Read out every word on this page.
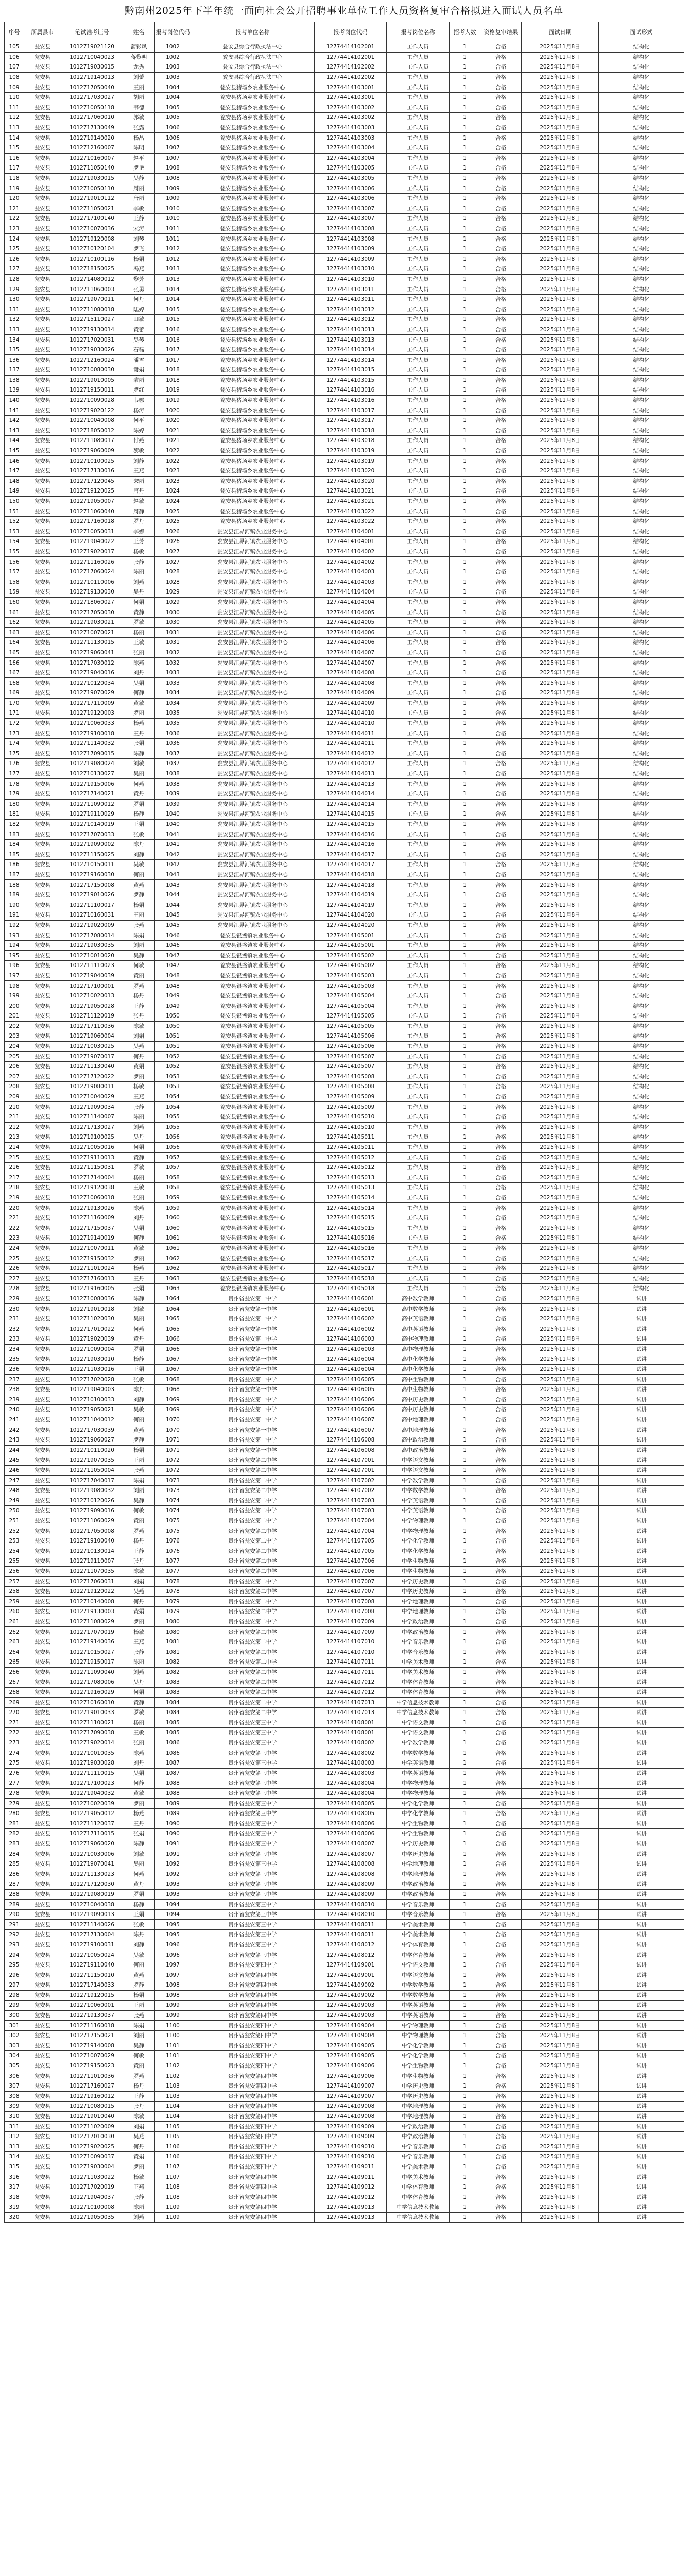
黔南州2025年下半年统一面向社会公开招聘事业单位工作人员资格复审合格拟进入面试人员名单
序号	所属县市	笔试准考证号	姓名	报考岗位代码	报考单位名称	报考岗位代码	报考岗位名称	招考人数	资格复审结果	面试日期	面试形式
105	瓮安县	1012719021120	蒲彩凤	1002	瓮安县综合行政执法中心	12774414102001	工作人员	1	合格	2025年11月8日	结构化
106	瓮安县	1012710040023	蒋黎明	1002	瓮安县综合行政执法中心	12774414102001	工作人员	1	合格	2025年11月8日	结构化
107	瓮安县	1012719030015	龙秀	1003	瓮安县综合行政执法中心	12774414102002	工作人员	1	合格	2025年11月8日	结构化
108	瓮安县	1012719140013	刘蕾	1003	瓮安县综合行政执法中心	12774414102002	工作人员	1	合格	2025年11月8日	结构化
109	瓮安县	1012717050040	王丽	1004	瓮安县猪场乡农业服务中心	12774414103001	工作人员	1	合格	2025年11月8日	结构化
110	瓮安县	1012717030027	胡丽	1004	瓮安县猪场乡农业服务中心	12774414103001	工作人员	1	合格	2025年11月8日	结构化
111	瓮安县	1012710050118	韦德	1005	瓮安县猪场乡农业服务中心	12774414103002	工作人员	1	合格	2025年11月8日	结构化
112	瓮安县	1012717060010	郭敏	1005	瓮安县猪场乡农业服务中心	12774414103002	工作人员	1	合格	2025年11月8日	结构化
113	瓮安县	1012717130049	张露	1006	瓮安县猪场乡农业服务中心	12774414103003	工作人员	1	合格	2025年11月8日	结构化
114	瓮安县	1012719140020	杨晶	1006	瓮安县猪场乡农业服务中心	12774414103003	工作人员	1	合格	2025年11月8日	结构化
115	瓮安县	1012712160007	陈明	1007	瓮安县猪场乡农业服务中心	12774414103004	工作人员	1	合格	2025年11月8日	结构化
116	瓮安县	1012710160007	赵平	1007	瓮安县猪场乡农业服务中心	12774414103004	工作人员	1	合格	2025年11月8日	结构化
117	瓮安县	1012711050140	罗艳	1008	瓮安县猪场乡农业服务中心	12774414103005	工作人员	1	合格	2025年11月8日	结构化
118	瓮安县	1012719030015	吴静	1008	瓮安县猪场乡农业服务中心	12774414103005	工作人员	1	合格	2025年11月8日	结构化
119	瓮安县	1012710050110	周丽	1009	瓮安县猪场乡农业服务中心	12774414103006	工作人员	1	合格	2025年11月8日	结构化
120	瓮安县	1012719010112	唐丽	1009	瓮安县猪场乡农业服务中心	12774414103006	工作人员	1	合格	2025年11月8日	结构化
121	瓮安县	1012711050021	李敏	1010	瓮安县猪场乡农业服务中心	12774414103007	工作人员	1	合格	2025年11月8日	结构化
122	瓮安县	1012717100140	王静	1010	瓮安县猪场乡农业服务中心	12774414103007	工作人员	1	合格	2025年11月8日	结构化
123	瓮安县	1012710070036	宋涛	1011	瓮安县猪场乡农业服务中心	12774414103008	工作人员	1	合格	2025年11月8日	结构化
124	瓮安县	1012719120008	刘琴	1011	瓮安县猪场乡农业服务中心	12774414103008	工作人员	1	合格	2025年11月8日	结构化
125	瓮安县	1012710120104	罗飞	1012	瓮安县猪场乡农业服务中心	12774414103009	工作人员	1	合格	2025年11月8日	结构化
126	瓮安县	1012710100116	杨娟	1012	瓮安县猪场乡农业服务中心	12774414103009	工作人员	1	合格	2025年11月8日	结构化
127	瓮安县	1012718150025	冯燕	1013	瓮安县猪场乡农业服务中心	12774414103010	工作人员	1	合格	2025年11月8日	结构化
128	瓮安县	1012714080012	黎芳	1013	瓮安县猪场乡农业服务中心	12774414103010	工作人员	1	合格	2025年11月8日	结构化
129	瓮安县	1012711060003	张勇	1014	瓮安县猪场乡农业服务中心	12774414103011	工作人员	1	合格	2025年11月8日	结构化
130	瓮安县	1012719070011	何丹	1014	瓮安县猪场乡农业服务中心	12774414103011	工作人员	1	合格	2025年11月8日	结构化
131	瓮安县	1012711080018	陆婷	1015	瓮安县猪场乡农业服务中心	12774414103012	工作人员	1	合格	2025年11月8日	结构化
132	瓮安县	1012715110027	田敏	1015	瓮安县猪场乡农业服务中心	12774414103012	工作人员	1	合格	2025年11月8日	结构化
133	瓮安县	1012719130014	黄蕾	1016	瓮安县猪场乡农业服务中心	12774414103013	工作人员	1	合格	2025年11月8日	结构化
134	瓮安县	1012717020031	吴琴	1016	瓮安县猪场乡农业服务中心	12774414103013	工作人员	1	合格	2025年11月8日	结构化
135	瓮安县	1012719030026	石磊	1017	瓮安县猪场乡农业服务中心	12774414103014	工作人员	1	合格	2025年11月8日	结构化
136	瓮安县	1012712160024	潘雪	1017	瓮安县猪场乡农业服务中心	12774414103014	工作人员	1	合格	2025年11月8日	结构化
137	瓮安县	1012710080030	谢娟	1018	瓮安县猪场乡农业服务中心	12774414103015	工作人员	1	合格	2025年11月8日	结构化
138	瓮安县	1012719010005	蒙丽	1018	瓮安县猪场乡农业服务中心	12774414103015	工作人员	1	合格	2025年11月8日	结构化
139	瓮安县	1012719150011	罗红	1019	瓮安县猪场乡农业服务中心	12774414103016	工作人员	1	合格	2025年11月8日	结构化
140	瓮安县	1012710090028	韦娜	1019	瓮安县猪场乡农业服务中心	12774414103016	工作人员	1	合格	2025年11月8日	结构化
141	瓮安县	1012719020122	杨涛	1020	瓮安县猪场乡农业服务中心	12774414103017	工作人员	1	合格	2025年11月8日	结构化
142	瓮安县	1012710040008	何平	1020	瓮安县猪场乡农业服务中心	12774414103017	工作人员	1	合格	2025年11月8日	结构化
143	瓮安县	1012718050012	陈婷	1021	瓮安县猪场乡农业服务中心	12774414103018	工作人员	1	合格	2025年11月8日	结构化
144	瓮安县	1012711080017	付燕	1021	瓮安县猪场乡农业服务中心	12774414103018	工作人员	1	合格	2025年11月8日	结构化
145	瓮安县	1012719060009	黎敏	1022	瓮安县猪场乡农业服务中心	12774414103019	工作人员	1	合格	2025年11月8日	结构化
146	瓮安县	1012710100025	刘静	1022	瓮安县猪场乡农业服务中心	12774414103019	工作人员	1	合格	2025年11月8日	结构化
147	瓮安县	1012717130016	王燕	1023	瓮安县猪场乡农业服务中心	12774414103020	工作人员	1	合格	2025年11月8日	结构化
148	瓮安县	1012717120045	宋丽	1023	瓮安县猪场乡农业服务中心	12774414103020	工作人员	1	合格	2025年11月8日	结构化
149	瓮安县	1012719120025	唐丹	1024	瓮安县猪场乡农业服务中心	12774414103021	工作人员	1	合格	2025年11月8日	结构化
150	瓮安县	1012719050007	赵敏	1024	瓮安县猪场乡农业服务中心	12774414103021	工作人员	1	合格	2025年11月8日	结构化
151	瓮安县	1012711060040	周静	1025	瓮安县猪场乡农业服务中心	12774414103022	工作人员	1	合格	2025年11月8日	结构化
152	瓮安县	1012717160018	罗丹	1025	瓮安县猪场乡农业服务中心	12774414103022	工作人员	1	合格	2025年11月8日	结构化
153	瓮安县	1012710050031	李娜	1026	瓮安县江界河镇农业服务中心	12774414104001	工作人员	1	合格	2025年11月8日	结构化
154	瓮安县	1012719040022	王芳	1026	瓮安县江界河镇农业服务中心	12774414104001	工作人员	1	合格	2025年11月8日	结构化
155	瓮安县	1012719020017	杨敏	1027	瓮安县江界河镇农业服务中心	12774414104002	工作人员	1	合格	2025年11月8日	结构化
156	瓮安县	1012711160026	张静	1027	瓮安县江界河镇农业服务中心	12774414104002	工作人员	1	合格	2025年11月8日	结构化
157	瓮安县	1012717060024	陈丽	1028	瓮安县江界河镇农业服务中心	12774414104003	工作人员	1	合格	2025年11月8日	结构化
158	瓮安县	1012710110006	刘燕	1028	瓮安县江界河镇农业服务中心	12774414104003	工作人员	1	合格	2025年11月8日	结构化
159	瓮安县	1012719130030	吴丹	1029	瓮安县江界河镇农业服务中心	12774414104004	工作人员	1	合格	2025年11月8日	结构化
160	瓮安县	1012718060027	何娟	1029	瓮安县江界河镇农业服务中心	12774414104004	工作人员	1	合格	2025年11月8日	结构化
161	瓮安县	1012717050030	黄静	1030	瓮安县江界河镇农业服务中心	12774414104005	工作人员	1	合格	2025年11月8日	结构化
162	瓮安县	1012719030021	罗敏	1030	瓮安县江界河镇农业服务中心	12774414104005	工作人员	1	合格	2025年11月8日	结构化
163	瓮安县	1012710070021	杨丽	1031	瓮安县江界河镇农业服务中心	12774414104006	工作人员	1	合格	2025年11月8日	结构化
164	瓮安县	1012711130015	王敏	1031	瓮安县江界河镇农业服务中心	12774414104006	工作人员	1	合格	2025年11月8日	结构化
165	瓮安县	1012719060041	张丽	1032	瓮安县江界河镇农业服务中心	12774414104007	工作人员	1	合格	2025年11月8日	结构化
166	瓮安县	1012717030012	陈燕	1032	瓮安县江界河镇农业服务中心	12774414104007	工作人员	1	合格	2025年11月8日	结构化
167	瓮安县	1012719040016	刘丹	1033	瓮安县江界河镇农业服务中心	12774414104008	工作人员	1	合格	2025年11月8日	结构化
168	瓮安县	1012710120034	吴娟	1033	瓮安县江界河镇农业服务中心	12774414104008	工作人员	1	合格	2025年11月8日	结构化
169	瓮安县	1012719070029	何静	1034	瓮安县江界河镇农业服务中心	12774414104009	工作人员	1	合格	2025年11月8日	结构化
170	瓮安县	1012717110009	黄敏	1034	瓮安县江界河镇农业服务中心	12774414104009	工作人员	1	合格	2025年11月8日	结构化
171	瓮安县	1012719120003	罗丽	1035	瓮安县江界河镇农业服务中心	12774414104010	工作人员	1	合格	2025年11月8日	结构化
172	瓮安县	1012710060033	杨燕	1035	瓮安县江界河镇农业服务中心	12774414104010	工作人员	1	合格	2025年11月8日	结构化
173	瓮安县	1012719100018	王丹	1036	瓮安县江界河镇农业服务中心	12774414104011	工作人员	1	合格	2025年11月8日	结构化
174	瓮安县	1012711140032	张娟	1036	瓮安县江界河镇农业服务中心	12774414104011	工作人员	1	合格	2025年11月8日	结构化
175	瓮安县	1012717090015	陈静	1037	瓮安县江界河镇农业服务中心	12774414104012	工作人员	1	合格	2025年11月8日	结构化
176	瓮安县	1012719080024	刘敏	1037	瓮安县江界河镇农业服务中心	12774414104012	工作人员	1	合格	2025年11月8日	结构化
177	瓮安县	1012710130027	吴丽	1038	瓮安县江界河镇农业服务中心	12774414104013	工作人员	1	合格	2025年11月8日	结构化
178	瓮安县	1012719150006	何燕	1038	瓮安县江界河镇农业服务中心	12774414104013	工作人员	1	合格	2025年11月8日	结构化
179	瓮安县	1012717140021	黄丹	1039	瓮安县江界河镇农业服务中心	12774414104014	工作人员	1	合格	2025年11月8日	结构化
180	瓮安县	1012711090012	罗娟	1039	瓮安县江界河镇农业服务中心	12774414104014	工作人员	1	合格	2025年11月8日	结构化
181	瓮安县	1012719110029	杨静	1040	瓮安县江界河镇农业服务中心	12774414104015	工作人员	1	合格	2025年11月8日	结构化
182	瓮安县	1012710140019	王娟	1040	瓮安县江界河镇农业服务中心	12774414104015	工作人员	1	合格	2025年11月8日	结构化
183	瓮安县	1012717070033	张敏	1041	瓮安县江界河镇农业服务中心	12774414104016	工作人员	1	合格	2025年11月8日	结构化
184	瓮安县	1012719090002	陈丹	1041	瓮安县江界河镇农业服务中心	12774414104016	工作人员	1	合格	2025年11月8日	结构化
185	瓮安县	1012711150025	刘静	1042	瓮安县江界河镇农业服务中心	12774414104017	工作人员	1	合格	2025年11月8日	结构化
186	瓮安县	1012710150011	吴敏	1042	瓮安县江界河镇农业服务中心	12774414104017	工作人员	1	合格	2025年11月8日	结构化
187	瓮安县	1012719160030	何丽	1043	瓮安县江界河镇农业服务中心	12774414104018	工作人员	1	合格	2025年11月8日	结构化
188	瓮安县	1012717150008	黄燕	1043	瓮安县江界河镇农业服务中心	12774414104018	工作人员	1	合格	2025年11月8日	结构化
189	瓮安县	1012719010026	罗静	1044	瓮安县江界河镇农业服务中心	12774414104019	工作人员	1	合格	2025年11月8日	结构化
190	瓮安县	1012711100017	杨娟	1044	瓮安县江界河镇农业服务中心	12774414104019	工作人员	1	合格	2025年11月8日	结构化
191	瓮安县	1012710160031	王丽	1045	瓮安县江界河镇农业服务中心	12774414104020	工作人员	1	合格	2025年11月8日	结构化
192	瓮安县	1012719020009	张燕	1045	瓮安县江界河镇农业服务中心	12774414104020	工作人员	1	合格	2025年11月8日	结构化
193	瓮安县	1012717080014	陈娟	1046	瓮安县银盏镇农业服务中心	12774414105001	工作人员	1	合格	2025年11月8日	结构化
194	瓮安县	1012719030035	刘丽	1046	瓮安县银盏镇农业服务中心	12774414105001	工作人员	1	合格	2025年11月8日	结构化
195	瓮安县	1012710010020	吴静	1047	瓮安县银盏镇农业服务中心	12774414105002	工作人员	1	合格	2025年11月8日	结构化
196	瓮安县	1012711110023	何敏	1047	瓮安县银盏镇农业服务中心	12774414105002	工作人员	1	合格	2025年11月8日	结构化
197	瓮安县	1012719040039	黄丽	1048	瓮安县银盏镇农业服务中心	12774414105003	工作人员	1	合格	2025年11月8日	结构化
198	瓮安县	1012717100001	罗燕	1048	瓮安县银盏镇农业服务中心	12774414105003	工作人员	1	合格	2025年11月8日	结构化
199	瓮安县	1012710020013	杨丹	1049	瓮安县银盏镇农业服务中心	12774414105004	工作人员	1	合格	2025年11月8日	结构化
200	瓮安县	1012719050028	王静	1049	瓮安县银盏镇农业服务中心	12774414105004	工作人员	1	合格	2025年11月8日	结构化
201	瓮安县	1012711120019	张丹	1050	瓮安县银盏镇农业服务中心	12774414105005	工作人员	1	合格	2025年11月8日	结构化
202	瓮安县	1012717110036	陈敏	1050	瓮安县银盏镇农业服务中心	12774414105005	工作人员	1	合格	2025年11月8日	结构化
203	瓮安县	1012719060004	刘娟	1051	瓮安县银盏镇农业服务中心	12774414105006	工作人员	1	合格	2025年11月8日	结构化
204	瓮安县	1012710030025	吴燕	1051	瓮安县银盏镇农业服务中心	12774414105006	工作人员	1	合格	2025年11月8日	结构化
205	瓮安县	1012719070017	何丹	1052	瓮安县银盏镇农业服务中心	12774414105007	工作人员	1	合格	2025年11月8日	结构化
206	瓮安县	1012711130040	黄娟	1052	瓮安县银盏镇农业服务中心	12774414105007	工作人员	1	合格	2025年11月8日	结构化
207	瓮安县	1012717120022	罗丽	1053	瓮安县银盏镇农业服务中心	12774414105008	工作人员	1	合格	2025年11月8日	结构化
208	瓮安县	1012719080011	杨敏	1053	瓮安县银盏镇农业服务中心	12774414105008	工作人员	1	合格	2025年11月8日	结构化
209	瓮安县	1012710040029	王燕	1054	瓮安县银盏镇农业服务中心	12774414105009	工作人员	1	合格	2025年11月8日	结构化
210	瓮安县	1012719090034	张静	1054	瓮安县银盏镇农业服务中心	12774414105009	工作人员	1	合格	2025年11月8日	结构化
211	瓮安县	1012711140007	陈丽	1055	瓮安县银盏镇农业服务中心	12774414105010	工作人员	1	合格	2025年11月8日	结构化
212	瓮安县	1012717130027	刘燕	1055	瓮安县银盏镇农业服务中心	12774414105010	工作人员	1	合格	2025年11月8日	结构化
213	瓮安县	1012719100025	吴丹	1056	瓮安县银盏镇农业服务中心	12774414105011	工作人员	1	合格	2025年11月8日	结构化
214	瓮安县	1012710050016	何娟	1056	瓮安县银盏镇农业服务中心	12774414105011	工作人员	1	合格	2025年11月8日	结构化
215	瓮安县	1012719110013	黄静	1057	瓮安县银盏镇农业服务中心	12774414105012	工作人员	1	合格	2025年11月8日	结构化
216	瓮安县	1012711150031	罗敏	1057	瓮安县银盏镇农业服务中心	12774414105012	工作人员	1	合格	2025年11月8日	结构化
217	瓮安县	1012717140004	杨丽	1058	瓮安县银盏镇农业服务中心	12774414105013	工作人员	1	合格	2025年11月8日	结构化
218	瓮安县	1012719120038	王敏	1058	瓮安县银盏镇农业服务中心	12774414105013	工作人员	1	合格	2025年11月8日	结构化
219	瓮安县	1012710060018	张丽	1059	瓮安县银盏镇农业服务中心	12774414105014	工作人员	1	合格	2025年11月8日	结构化
220	瓮安县	1012719130026	陈燕	1059	瓮安县银盏镇农业服务中心	12774414105014	工作人员	1	合格	2025年11月8日	结构化
221	瓮安县	1012711160009	刘丹	1060	瓮安县银盏镇农业服务中心	12774414105015	工作人员	1	合格	2025年11月8日	结构化
222	瓮安县	1012717150037	吴娟	1060	瓮安县银盏镇农业服务中心	12774414105015	工作人员	1	合格	2025年11月8日	结构化
223	瓮安县	1012719140019	何静	1061	瓮安县银盏镇农业服务中心	12774414105016	工作人员	1	合格	2025年11月8日	结构化
224	瓮安县	1012710070011	黄敏	1061	瓮安县银盏镇农业服务中心	12774414105016	工作人员	1	合格	2025年11月8日	结构化
225	瓮安县	1012719150032	罗丽	1062	瓮安县银盏镇农业服务中心	12774414105017	工作人员	1	合格	2025年11月8日	结构化
226	瓮安县	1012711010024	杨燕	1062	瓮安县银盏镇农业服务中心	12774414105017	工作人员	1	合格	2025年11月8日	结构化
227	瓮安县	1012717160013	王丹	1063	瓮安县银盏镇农业服务中心	12774414105018	工作人员	1	合格	2025年11月8日	结构化
228	瓮安县	1012719160005	张娟	1063	瓮安县银盏镇农业服务中心	12774414105018	工作人员	1	合格	2025年11月8日	结构化
229	瓮安县	1012710080036	陈静	1064	贵州省瓮安第一中学	12774414106001	高中数学教师	1	合格	2025年11月8日	试讲
230	瓮安县	1012719010018	刘敏	1064	贵州省瓮安第一中学	12774414106001	高中数学教师	1	合格	2025年11月8日	试讲
231	瓮安县	1012711020030	吴丽	1065	贵州省瓮安第一中学	12774414106002	高中英语教师	1	合格	2025年11月8日	试讲
232	瓮安县	1012717010022	何燕	1065	贵州省瓮安第一中学	12774414106002	高中英语教师	1	合格	2025年11月8日	试讲
233	瓮安县	1012719020039	黄丹	1066	贵州省瓮安第一中学	12774414106003	高中物理教师	1	合格	2025年11月8日	试讲
234	瓮安县	1012710090004	罗娟	1066	贵州省瓮安第一中学	12774414106003	高中物理教师	1	合格	2025年11月8日	试讲
235	瓮安县	1012719030010	杨静	1067	贵州省瓮安第一中学	12774414106004	高中化学教师	1	合格	2025年11月8日	试讲
236	瓮安县	1012711030016	王娟	1067	贵州省瓮安第一中学	12774414106004	高中化学教师	1	合格	2025年11月8日	试讲
237	瓮安县	1012717020028	张敏	1068	贵州省瓮安第一中学	12774414106005	高中生物教师	1	合格	2025年11月8日	试讲
238	瓮安县	1012719040003	陈丹	1068	贵州省瓮安第一中学	12774414106005	高中生物教师	1	合格	2025年11月8日	试讲
239	瓮安县	1012710100033	刘静	1069	贵州省瓮安第一中学	12774414106006	高中历史教师	1	合格	2025年11月8日	试讲
240	瓮安县	1012719050021	吴敏	1069	贵州省瓮安第一中学	12774414106006	高中历史教师	1	合格	2025年11月8日	试讲
241	瓮安县	1012711040012	何丽	1070	贵州省瓮安第一中学	12774414106007	高中地理教师	1	合格	2025年11月8日	试讲
242	瓮安县	1012717030039	黄燕	1070	贵州省瓮安第一中学	12774414106007	高中地理教师	1	合格	2025年11月8日	试讲
243	瓮安县	1012719060027	罗静	1071	贵州省瓮安第一中学	12774414106008	高中政治教师	1	合格	2025年11月8日	试讲
244	瓮安县	1012710110020	杨娟	1071	贵州省瓮安第一中学	12774414106008	高中政治教师	1	合格	2025年11月8日	试讲
245	瓮安县	1012719070035	王丽	1072	贵州省瓮安第二中学	12774414107001	中学语文教师	1	合格	2025年11月8日	试讲
246	瓮安县	1012711050004	张燕	1072	贵州省瓮安第二中学	12774414107001	中学语文教师	1	合格	2025年11月8日	试讲
247	瓮安县	1012717040017	陈娟	1073	贵州省瓮安第二中学	12774414107002	中学数学教师	1	合格	2025年11月8日	试讲
248	瓮安县	1012719080032	刘丽	1073	贵州省瓮安第二中学	12774414107002	中学数学教师	1	合格	2025年11月8日	试讲
249	瓮安县	1012710120026	吴静	1074	贵州省瓮安第二中学	12774414107003	中学英语教师	1	合格	2025年11月8日	试讲
250	瓮安县	1012719090016	何敏	1074	贵州省瓮安第二中学	12774414107003	中学英语教师	1	合格	2025年11月8日	试讲
251	瓮安县	1012711060029	黄丽	1075	贵州省瓮安第二中学	12774414107004	中学物理教师	1	合格	2025年11月8日	试讲
252	瓮安县	1012717050008	罗燕	1075	贵州省瓮安第二中学	12774414107004	中学物理教师	1	合格	2025年11月8日	试讲
253	瓮安县	1012719100040	杨丹	1076	贵州省瓮安第二中学	12774414107005	中学化学教师	1	合格	2025年11月8日	试讲
254	瓮安县	1012710130014	王静	1076	贵州省瓮安第二中学	12774414107005	中学化学教师	1	合格	2025年11月8日	试讲
255	瓮安县	1012719110007	张丹	1077	贵州省瓮安第二中学	12774414107006	中学生物教师	1	合格	2025年11月8日	试讲
256	瓮安县	1012711070035	陈敏	1077	贵州省瓮安第二中学	12774414107006	中学生物教师	1	合格	2025年11月8日	试讲
257	瓮安县	1012717060031	刘娟	1078	贵州省瓮安第二中学	12774414107007	中学历史教师	1	合格	2025年11月8日	试讲
258	瓮安县	1012719120022	吴燕	1078	贵州省瓮安第二中学	12774414107007	中学历史教师	1	合格	2025年11月8日	试讲
259	瓮安县	1012710140008	何丹	1079	贵州省瓮安第二中学	12774414107008	中学地理教师	1	合格	2025年11月8日	试讲
260	瓮安县	1012719130003	黄娟	1079	贵州省瓮安第二中学	12774414107008	中学地理教师	1	合格	2025年11月8日	试讲
261	瓮安县	1012711080029	罗丽	1080	贵州省瓮安第二中学	12774414107009	中学政治教师	1	合格	2025年11月8日	试讲
262	瓮安县	1012717070019	杨敏	1080	贵州省瓮安第二中学	12774414107009	中学政治教师	1	合格	2025年11月8日	试讲
263	瓮安县	1012719140036	王燕	1081	贵州省瓮安第二中学	12774414107010	中学音乐教师	1	合格	2025年11月8日	试讲
264	瓮安县	1012710150027	张静	1081	贵州省瓮安第二中学	12774414107010	中学音乐教师	1	合格	2025年11月8日	试讲
265	瓮安县	1012719150017	陈丽	1082	贵州省瓮安第二中学	12774414107011	中学美术教师	1	合格	2025年11月8日	试讲
266	瓮安县	1012711090040	刘燕	1082	贵州省瓮安第二中学	12774414107011	中学美术教师	1	合格	2025年11月8日	试讲
267	瓮安县	1012717080006	吴丹	1083	贵州省瓮安第二中学	12774414107012	中学体育教师	1	合格	2025年11月8日	试讲
268	瓮安县	1012719160029	何娟	1083	贵州省瓮安第二中学	12774414107012	中学体育教师	1	合格	2025年11月8日	试讲
269	瓮安县	1012710160010	黄静	1084	贵州省瓮安第二中学	12774414107013	中学信息技术教师	1	合格	2025年11月8日	试讲
270	瓮安县	1012719010033	罗敏	1084	贵州省瓮安第二中学	12774414107013	中学信息技术教师	1	合格	2025年11月8日	试讲
271	瓮安县	1012711100021	杨丽	1085	贵州省瓮安第三中学	12774414108001	中学语文教师	1	合格	2025年11月8日	试讲
272	瓮安县	1012717090038	王敏	1085	贵州省瓮安第三中学	12774414108001	中学语文教师	1	合格	2025年11月8日	试讲
273	瓮安县	1012719020014	张丽	1086	贵州省瓮安第三中学	12774414108002	中学数学教师	1	合格	2025年11月8日	试讲
274	瓮安县	1012710010035	陈燕	1086	贵州省瓮安第三中学	12774414108002	中学数学教师	1	合格	2025年11月8日	试讲
275	瓮安县	1012719030028	刘丹	1087	贵州省瓮安第三中学	12774414108003	中学英语教师	1	合格	2025年11月8日	试讲
276	瓮安县	1012711110015	吴娟	1087	贵州省瓮安第三中学	12774414108003	中学英语教师	1	合格	2025年11月8日	试讲
277	瓮安县	1012717100023	何静	1088	贵州省瓮安第三中学	12774414108004	中学物理教师	1	合格	2025年11月8日	试讲
278	瓮安县	1012719040032	黄敏	1088	贵州省瓮安第三中学	12774414108004	中学物理教师	1	合格	2025年11月8日	试讲
279	瓮安县	1012710020039	罗丽	1089	贵州省瓮安第三中学	12774414108005	中学化学教师	1	合格	2025年11月8日	试讲
280	瓮安县	1012719050012	杨燕	1089	贵州省瓮安第三中学	12774414108005	中学化学教师	1	合格	2025年11月8日	试讲
281	瓮安县	1012711120037	王丹	1090	贵州省瓮安第三中学	12774414108006	中学生物教师	1	合格	2025年11月8日	试讲
282	瓮安县	1012717110015	张娟	1090	贵州省瓮安第三中学	12774414108006	中学生物教师	1	合格	2025年11月8日	试讲
283	瓮安县	1012719060020	陈静	1091	贵州省瓮安第三中学	12774414108007	中学历史教师	1	合格	2025年11月8日	试讲
284	瓮安县	1012710030006	刘敏	1091	贵州省瓮安第三中学	12774414108007	中学历史教师	1	合格	2025年11月8日	试讲
285	瓮安县	1012719070041	吴丽	1092	贵州省瓮安第三中学	12774414108008	中学地理教师	1	合格	2025年11月8日	试讲
286	瓮安县	1012711130023	何燕	1092	贵州省瓮安第三中学	12774414108008	中学地理教师	1	合格	2025年11月8日	试讲
287	瓮安县	1012717120030	黄丹	1093	贵州省瓮安第三中学	12774414108009	中学政治教师	1	合格	2025年11月8日	试讲
288	瓮安县	1012719080019	罗娟	1093	贵州省瓮安第三中学	12774414108009	中学政治教师	1	合格	2025年11月8日	试讲
289	瓮安县	1012710040038	杨静	1094	贵州省瓮安第三中学	12774414108010	中学音乐教师	1	合格	2025年11月8日	试讲
290	瓮安县	1012719090013	王娟	1094	贵州省瓮安第三中学	12774414108010	中学音乐教师	1	合格	2025年11月8日	试讲
291	瓮安县	1012711140026	张敏	1095	贵州省瓮安第三中学	12774414108011	中学美术教师	1	合格	2025年11月8日	试讲
292	瓮安县	1012717130004	陈丹	1095	贵州省瓮安第三中学	12774414108011	中学美术教师	1	合格	2025年11月8日	试讲
293	瓮安县	1012719100031	刘静	1096	贵州省瓮安第三中学	12774414108012	中学体育教师	1	合格	2025年11月8日	试讲
294	瓮安县	1012710050024	吴敏	1096	贵州省瓮安第三中学	12774414108012	中学体育教师	1	合格	2025年11月8日	试讲
295	瓮安县	1012719110040	何丽	1097	贵州省瓮安第四中学	12774414109001	中学语文教师	1	合格	2025年11月8日	试讲
296	瓮安县	1012711150010	黄燕	1097	贵州省瓮安第四中学	12774414109001	中学语文教师	1	合格	2025年11月8日	试讲
297	瓮安县	1012717140033	罗静	1098	贵州省瓮安第四中学	12774414109002	中学数学教师	1	合格	2025年11月8日	试讲
298	瓮安县	1012719120015	杨娟	1098	贵州省瓮安第四中学	12774414109002	中学数学教师	1	合格	2025年11月8日	试讲
299	瓮安县	1012710060001	王丽	1099	贵州省瓮安第四中学	12774414109003	中学英语教师	1	合格	2025年11月8日	试讲
300	瓮安县	1012719130037	张燕	1099	贵州省瓮安第四中学	12774414109003	中学英语教师	1	合格	2025年11月8日	试讲
301	瓮安县	1012711160018	陈娟	1100	贵州省瓮安第四中学	12774414109004	中学物理教师	1	合格	2025年11月8日	试讲
302	瓮安县	1012717150021	刘丽	1100	贵州省瓮安第四中学	12774414109004	中学物理教师	1	合格	2025年11月8日	试讲
303	瓮安县	1012719140008	吴静	1101	贵州省瓮安第四中学	12774414109005	中学化学教师	1	合格	2025年11月8日	试讲
304	瓮安县	1012710070029	何敏	1101	贵州省瓮安第四中学	12774414109005	中学化学教师	1	合格	2025年11月8日	试讲
305	瓮安县	1012719150023	黄丽	1102	贵州省瓮安第四中学	12774414109006	中学生物教师	1	合格	2025年11月8日	试讲
306	瓮安县	1012711010036	罗燕	1102	贵州省瓮安第四中学	12774414109006	中学生物教师	1	合格	2025年11月8日	试讲
307	瓮安县	1012717160027	杨丹	1103	贵州省瓮安第四中学	12774414109007	中学历史教师	1	合格	2025年11月8日	试讲
308	瓮安县	1012719160012	王静	1103	贵州省瓮安第四中学	12774414109007	中学历史教师	1	合格	2025年11月8日	试讲
309	瓮安县	1012710080015	张丹	1104	贵州省瓮安第四中学	12774414109008	中学地理教师	1	合格	2025年11月8日	试讲
310	瓮安县	1012719010040	陈敏	1104	贵州省瓮安第四中学	12774414109008	中学地理教师	1	合格	2025年11月8日	试讲
311	瓮安县	1012711020009	刘娟	1105	贵州省瓮安第四中学	12774414109009	中学政治教师	1	合格	2025年11月8日	试讲
312	瓮安县	1012717010030	吴燕	1105	贵州省瓮安第四中学	12774414109009	中学政治教师	1	合格	2025年11月8日	试讲
313	瓮安县	1012719020025	何丹	1106	贵州省瓮安第四中学	12774414109010	中学音乐教师	1	合格	2025年11月8日	试讲
314	瓮安县	1012710090037	黄娟	1106	贵州省瓮安第四中学	12774414109010	中学音乐教师	1	合格	2025年11月8日	试讲
315	瓮安县	1012719030004	罗丽	1107	贵州省瓮安第四中学	12774414109011	中学美术教师	1	合格	2025年11月8日	试讲
316	瓮安县	1012711030022	杨敏	1107	贵州省瓮安第四中学	12774414109011	中学美术教师	1	合格	2025年11月8日	试讲
317	瓮安县	1012717020019	王燕	1108	贵州省瓮安第四中学	12774414109012	中学体育教师	1	合格	2025年11月8日	试讲
318	瓮安县	1012719040037	张静	1108	贵州省瓮安第四中学	12774414109012	中学体育教师	1	合格	2025年11月8日	试讲
319	瓮安县	1012710100008	陈丽	1109	贵州省瓮安第四中学	12774414109013	中学信息技术教师	1	合格	2025年11月8日	试讲
320	瓮安县	1012719050035	刘燕	1109	贵州省瓮安第四中学	12774414109013	中学信息技术教师	1	合格	2025年11月8日	试讲
